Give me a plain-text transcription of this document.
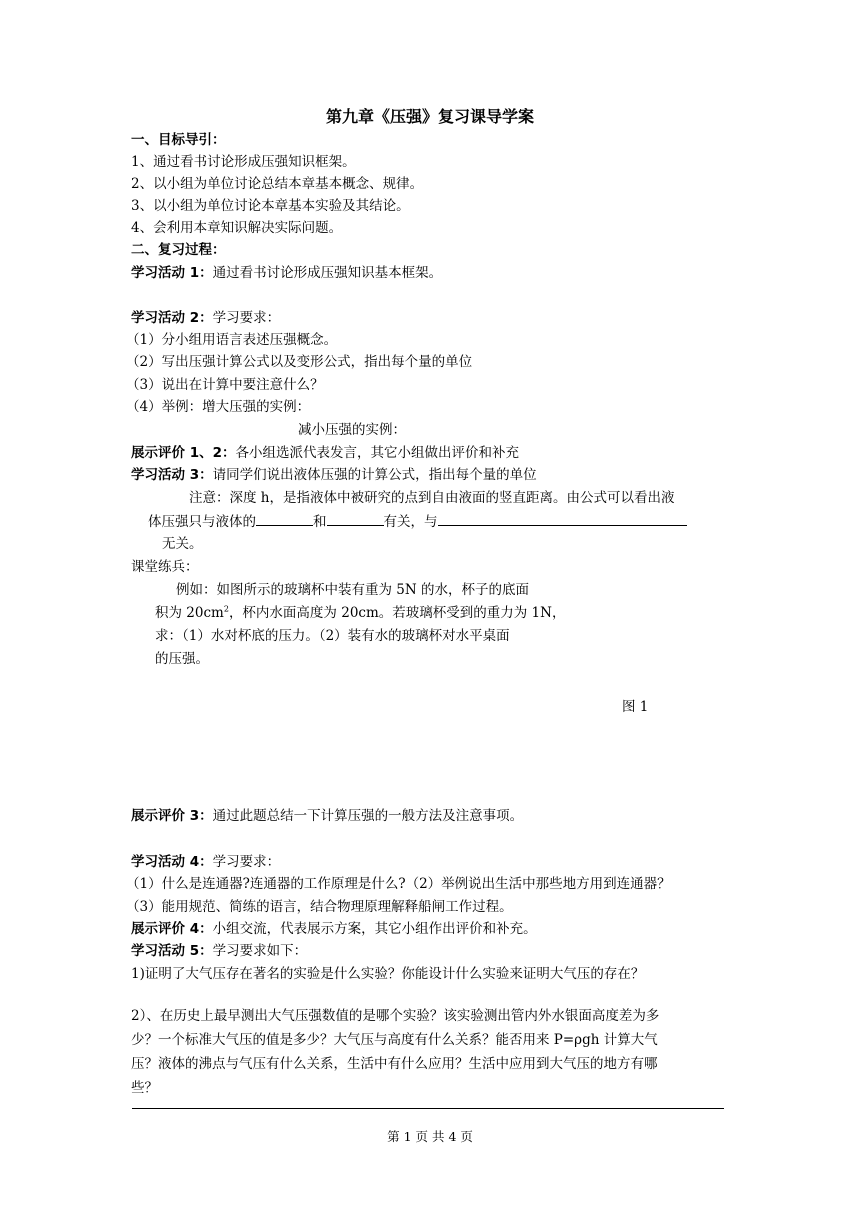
第九章《压强》复习课导学案
一、目标导引：
1、通过看书讨论形成压强知识框架。
2、以小组为单位讨论总结本章基本概念、规律。
3、以小组为单位讨论本章基本实验及其结论。
4、会利用本章知识解决实际问题。
二、复习过程：
学习活动 1：通过看书讨论形成压强知识基本框架。
学习活动 2：学习要求：
（1）分小组用语言表述压强概念。
（2）写出压强计算公式以及变形公式，指出每个量的单位
（3）说出在计算中要注意什么？
（4）举例：增大压强的实例：
减小压强的实例：
展示评价 1、2：各小组选派代表发言，其它小组做出评价和补充
学习活动 3：请同学们说出液体压强的计算公式，指出每个量的单位
注意：深度 h，是指液体中被研究的点到自由液面的竖直距离。由公式可以看出液
体压强只与液体的	和	有关，与
无关。
课堂练兵：
例如：如图所示的玻璃杯中装有重为 5N 的水，杯子的底面
积为 $20cm^2$，杯内水面高度为 20cm。若玻璃杯受到的重力为 1N，
求：（1）水对杯底的压力。（2）装有水的玻璃杯对水平桌面
的压强。
图 1
展示评价 3：通过此题总结一下计算压强的一般方法及注意事项。
学习活动 4：学习要求：
（1）什么是连通器?连通器的工作原理是什么?（2）举例说出生活中那些地方用到连通器？
（3）能用规范、简练的语言，结合物理原理解释船闸工作过程。
展示评价 4：小组交流，代表展示方案，其它小组作出评价和补充。
学习活动 5：学习要求如下：
1)证明了大气压存在著名的实验是什么实验？你能设计什么实验来证明大气压的存在？
2）、在历史上最早测出大气压强数值的是哪个实验？该实验测出管内外水银面高度差为多
少？一个标准大气压的值是多少？大气压与高度有什么关系？能否用来 P=ρgh 计算大气
压？液体的沸点与气压有什么关系，生活中有什么应用？生活中应用到大气压的地方有哪
些？
第 1 页 共 4 页
